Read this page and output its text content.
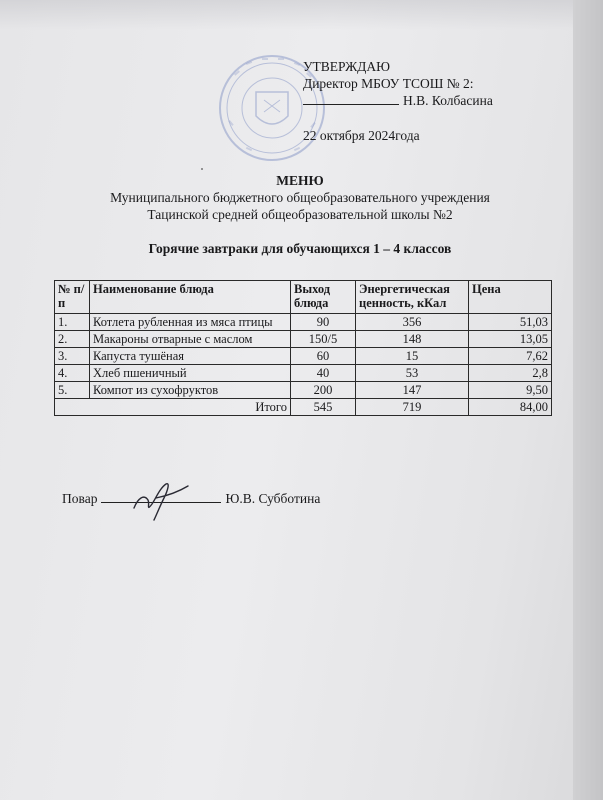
УТВЕРЖДАЮ
Директор МБОУ ТСОШ № 2:
Н.В. Колбасина
22 октября 2024года
МЕНЮ
Муниципального бюджетного общеобразовательного учреждения
Тацинской средней общеобразовательной школы №2
Горячие завтраки для обучающихся 1 – 4 классов
№ п/п	Наименование блюда	Выход блюда	Энергетическая ценность, кКал	Цена
1.	Котлета рубленная из мяса птицы	90	356	51,03
2.	Макароны отварные с маслом	150/5	148	13,05
3.	Капуста тушёная	60	15	7,62
4.	Хлеб пшеничный	40	53	2,8
5.	Компот из сухофруктов	200	147	9,50
Итого		545	719	84,00
Повар	Ю.В. Субботина
